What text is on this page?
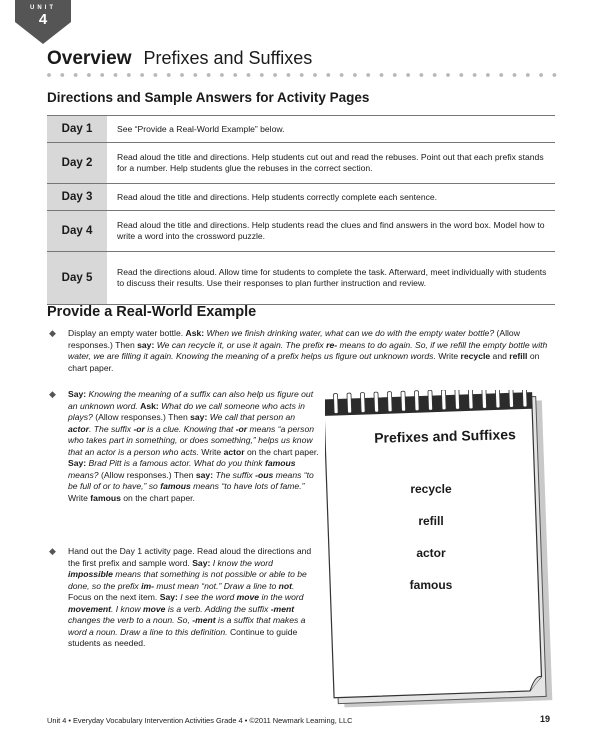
UNIT
4
Overview Prefixes and Suffixes
Directions and Sample Answers for Activity Pages
Day 1	See “Provide a Real-World Example” below.
Day 2	Read aloud the title and directions. Help students cut out and read the rebuses. Point out that each prefix stands for a number. Help students glue the rebuses in the correct section.
Day 3	Read aloud the title and directions. Help students correctly complete each sentence.
Day 4	Read aloud the title and directions. Help students read the clues and find answers in the word box. Model how to write a word into the crossword puzzle.
Day 5	Read the directions aloud. Allow time for students to complete the task. Afterward, meet individually with students to discuss their results. Use their responses to plan further instruction and review.
Provide a Real-World Example
◆ Display an empty water bottle. Ask: When we finish drinking water, what can we do with the empty water bottle? (Allow responses.) Then say: We can recycle it, or use it again. The prefix re- means to do again. So, if we refill the empty bottle with water, we are filling it again. Knowing the meaning of a prefix helps us figure out unknown words. Write recycle and refill on chart paper.
◆ Say: Knowing the meaning of a suffix can also help us figure out an unknown word. Ask: What do we call someone who acts in plays? (Allow responses.) Then say: We call that person an actor. The suffix -or is a clue. Knowing that -or means “a person who takes part in something, or does something,” helps us know that an actor is a person who acts. Write actor on the chart paper. Say: Brad Pitt is a famous actor. What do you think famous means? (Allow responses.) Then say: The suffix -ous means “to be full of or to have,” so famous means “to have lots of fame.” Write famous on the chart paper.
◆ Hand out the Day 1 activity page. Read aloud the directions and the first prefix and sample word. Say: I know the word impossible means that something is not possible or able to be done, so the prefix im- must mean “not.” Draw a line to not. Focus on the next item. Say: I see the word move in the word movement. I know move is a verb. Adding the suffix -ment changes the verb to a noun. So, -ment is a suffix that makes a word a noun. Draw a line to this definition. Continue to guide students as needed.
Prefixes and Suffixes
recycle
refill
actor
famous
Unit 4 • Everyday Vocabulary Intervention Activities Grade 4 • ©2011 Newmark Learning, LLC	19
